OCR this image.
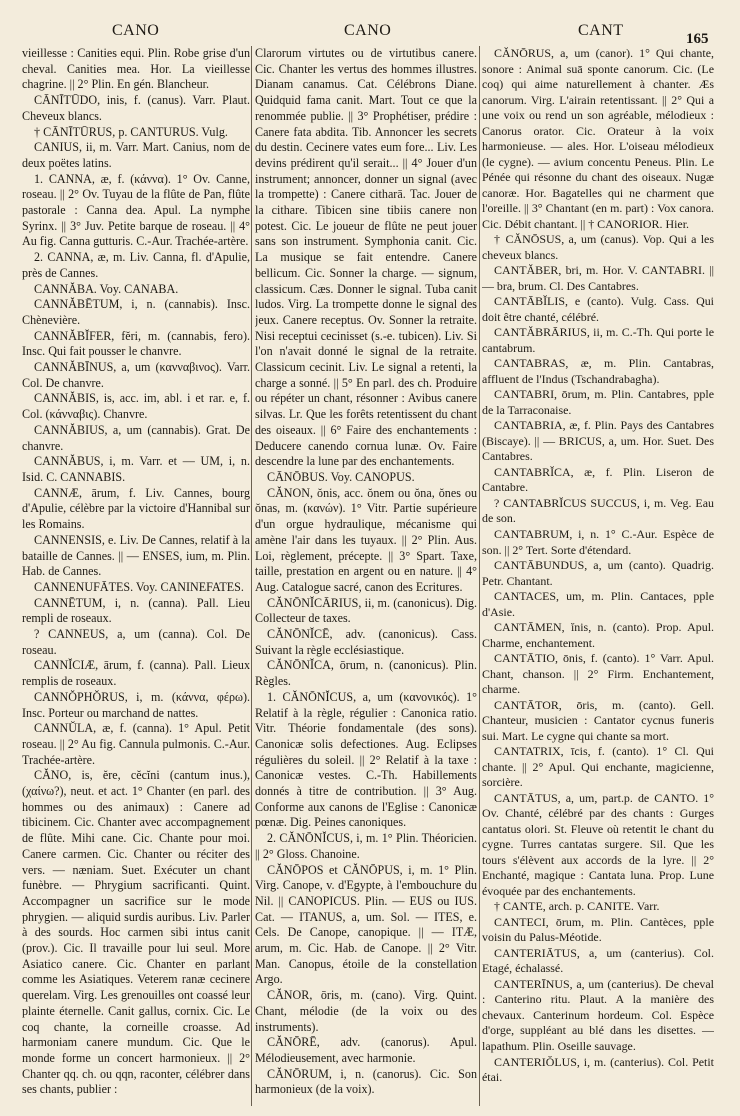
CANO	CANO	CANT	165

vieillesse : Canities equi. Plin. Robe grise d'un cheval. Canities mea. Hor. La vieillesse chagrine. || 2° Plin. En gén. Blancheur.

CĀNĪTŪDO, inis, f. (canus). Varr. Plaut. Cheveux blancs.

† CĀNĪTŪRUS, p. CANTURUS. Vulg.

CANIUS, ii, m. Varr. Mart. Canius, nom de deux poëtes latins.

1. CANNA, æ, f. (κάννα). 1° Ov. Canne, roseau. || 2° Ov. Tuyau de la flûte de Pan, flûte pastorale : Canna dea. Apul. La nymphe Syrinx. || 3° Juv. Petite barque de roseau. || 4° Au fig. Canna gutturis. C.-Aur. Trachée-artère.

2. CANNA, æ, m. Liv. Canna, fl. d'Apulie, près de Cannes.

CANNĂBA. Voy. CANABA.

CANNĂBĒTUM, i, n. (cannabis). Insc. Chènevière.

CANNĂBĬFER, fĕri, m. (cannabis, fero). Insc. Qui fait pousser le chanvre.

CANNĂBĪNUS, a, um (κανναβινος). Varr. Col. De chanvre.

CANNĂBIS, is, acc. im, abl. i et rar. e, f. Col. (κάνναβις). Chanvre.

CANNĂBIUS, a, um (cannabis). Grat. De chanvre.

CANNĂBUS, i, m. Varr. et — UM, i, n. Isid. C. CANNABIS.

CANNÆ, ārum, f. Liv. Cannes, bourg d'Apulie, célèbre par la victoire d'Hannibal sur les Romains.

CANNENSIS, e. Liv. De Cannes, relatif à la bataille de Cannes. || — ENSES, ium, m. Plin. Hab. de Cannes.

CANNENUFĀTES. Voy. CANINEFATES.

CANNĒTUM, i, n. (canna). Pall. Lieu rempli de roseaux.

? CANNEUS, a, um (canna). Col. De roseau.

CANNĬCIÆ, ārum, f. (canna). Pall. Lieux remplis de roseaux.

CANNŎPHŎRUS, i, m. (κάννα, φέρω). Insc. Porteur ou marchand de nattes.

CANNŬLA, æ, f. (canna). 1° Apul. Petit roseau. || 2° Au fig. Cannula pulmonis. C.-Aur. Trachée-artère.

CĂNO, is, ĕre, cĕcĭni (cantum inus.), (χαίνω?), neut. et act. 1° Chanter (en parl. des hommes ou des animaux) : Canere ad tibicinem. Cic. Chanter avec accompagnement de flûte. Mihi cane. Cic. Chante pour moi. Canere carmen. Cic. Chanter ou réciter des vers. — næniam. Suet. Exécuter un chant funèbre. — Phrygium sacrificanti. Quint. Accompagner un sacrifice sur le mode phrygien. — aliquid surdis auribus. Liv. Parler à des sourds. Hoc carmen sibi intus canit (prov.). Cic. Il travaille pour lui seul. More Asiatico canere. Cic. Chanter en parlant comme les Asiatiques. Veterem ranæ cecinere querelam. Virg. Les grenouilles ont coassé leur plainte éternelle. Canit gallus, cornix. Cic. Le coq chante, la corneille croasse. Ad harmoniam canere mundum. Cic. Que le monde forme un concert harmonieux. || 2° Chanter qq. ch. ou qqn, raconter, célébrer dans ses chants, publier :

Clarorum virtutes ou de virtutibus canere. Cic. Chanter les vertus des hommes illustres. Dianam canamus. Cat. Célébrons Diane. Quidquid fama canit. Mart. Tout ce que la renommée publie. || 3° Prophétiser, prédire : Canere fata abdita. Tib. Annoncer les secrets du destin. Cecinere vates eum fore... Liv. Les devins prédirent qu'il serait... || 4° Jouer d'un instrument; annoncer, donner un signal (avec la trompette) : Canere citharā. Tac. Jouer de la cithare. Tibicen sine tibiis canere non potest. Cic. Le joueur de flûte ne peut jouer sans son instrument. Symphonia canit. Cic. La musique se fait entendre. Canere bellicum. Cic. Sonner la charge. — signum, classicum. Cæs. Donner le signal. Tuba canit ludos. Virg. La trompette donne le signal des jeux. Canere receptus. Ov. Sonner la retraite. Nisi receptui cecinisset (s.-e. tubicen). Liv. Si l'on n'avait donné le signal de la retraite. Classicum cecinit. Liv. Le signal a retenti, la charge a sonné. || 5° En parl. des ch. Produire ou répéter un chant, résonner : Avibus canere silvas. Lr. Que les forêts retentissent du chant des oiseaux. || 6° Faire des enchantements : Deducere canendo cornua lunæ. Ov. Faire descendre la lune par des enchantements.

CĀNŌBUS. Voy. CANOPUS.

CĂNON, ŏnis, acc. ŏnem ou ŏna, ŏnes ou ŏnas, m. (κανών). 1° Vitr. Partie supérieure d'un orgue hydraulique, mécanisme qui amène l'air dans les tuyaux. || 2° Plin. Aus. Loi, règlement, précepte. || 3° Spart. Taxe, taille, prestation en argent ou en nature. || 4° Aug. Catalogue sacré, canon des Ecritures.

CĂNŌNĬCĀRIUS, ii, m. (canonicus). Dig. Collecteur de taxes.

CĂNŌNĬCĒ, adv. (canonicus). Cass. Suivant la règle ecclésiastique.

CĂNŌNĬCA, ōrum, n. (canonicus). Plin. Règles.

1. CĂNŌNĬCUS, a, um (κανονικός). 1° Relatif à la règle, régulier : Canonica ratio. Vitr. Théorie fondamentale (des sons). Canonicæ solis defectiones. Aug. Eclipses régulières du soleil. || 2° Relatif à la taxe : Canonicæ vestes. C.-Th. Habillements donnés à titre de contribution. || 3° Aug. Conforme aux canons de l'Eglise : Canonicæ pœnæ. Dig. Peines canoniques.

2. CĂNŌNĬCUS, i, m. 1° Plin. Théoricien. || 2° Gloss. Chanoine.

CĂNŌPOS et CĂNŌPUS, i, m. 1° Plin. Virg. Canope, v. d'Egypte, à l'embouchure du Nil. || CANOPICUS. Plin. — EUS ou IUS. Cat. — ITANUS, a, um. Sol. — ITES, e. Cels. De Canope, canopique. || — ITÆ, arum, m. Cic. Hab. de Canope. || 2° Vitr. Man. Canopus, étoile de la constellation Argo.

CĂNOR, ōris, m. (cano). Virg. Quint. Chant, mélodie (de la voix ou des instruments).

CĂNŌRĒ, adv. (canorus). Apul. Mélodieusement, avec harmonie.

CĂNŌRUM, i, n. (canorus). Cic. Son harmonieux (de la voix).

CĂNŌRUS, a, um (canor). 1° Qui chante, sonore : Animal suā sponte canorum. Cic. (Le coq) qui aime naturellement à chanter. Æs canorum. Virg. L'airain retentissant. || 2° Qui a une voix ou rend un son agréable, mélodieux : Canorus orator. Cic. Orateur à la voix harmonieuse. — ales. Hor. L'oiseau mélodieux (le cygne). — avium concentu Peneus. Plin. Le Pénée qui résonne du chant des oiseaux. Nugæ canoræ. Hor. Bagatelles qui ne charment que l'oreille. || 3° Chantant (en m. part) : Vox canora. Cic. Débit chantant. || † CANORIOR. Hier.

† CĂNŌSUS, a, um (canus). Vop. Qui a les cheveux blancs.

CANTĂBER, bri, m. Hor. V. CANTABRI. || — bra, brum. Cl. Des Cantabres.

CANTĀBĬLIS, e (canto). Vulg. Cass. Qui doit être chanté, célébré.

CANTĂBRĀRIUS, ii, m. C.-Th. Qui porte le cantabrum.

CANTABRAS, æ, m. Plin. Cantabras, affluent de l'Indus (Tschandrabagha).

CANTABRI, ōrum, m. Plin. Cantabres, pple de la Tarraconaise.

CANTABRIA, æ, f. Plin. Pays des Cantabres (Biscaye). || — BRICUS, a, um. Hor. Suet. Des Cantabres.

CANTABRĬCA, æ, f. Plin. Liseron de Cantabre.

? CANTABRĬCUS SUCCUS, i, m. Veg. Eau de son.

CANTABRUM, i, n. 1° C.-Aur. Espèce de son. || 2° Tert. Sorte d'étendard.

CANTĀBUNDUS, a, um (canto). Quadrig. Petr. Chantant.

CANTACES, um, m. Plin. Cantaces, pple d'Asie.

CANTĀMEN, ĭnis, n. (canto). Prop. Apul. Charme, enchantement.

CANTĀTIO, ōnis, f. (canto). 1° Varr. Apul. Chant, chanson. || 2° Firm. Enchantement, charme.

CANTĀTOR, ōris, m. (canto). Gell. Chanteur, musicien : Cantator cycnus funeris sui. Mart. Le cygne qui chante sa mort.

CANTATRIX, īcis, f. (canto). 1° Cl. Qui chante. || 2° Apul. Qui enchante, magicienne, sorcière.

CANTĀTUS, a, um, part.p. de CANTO. 1° Ov. Chanté, célébré par des chants : Gurges cantatus olori. St. Fleuve où retentit le chant du cygne. Turres cantatas surgere. Sil. Que les tours s'élèvent aux accords de la lyre. || 2° Enchanté, magique : Cantata luna. Prop. Lune évoquée par des enchantements.

† CANTE, arch. p. CANITE. Varr.

CANTECI, ōrum, m. Plin. Cantèces, pple voisin du Palus-Méotide.

CANTERIĀTUS, a, um (canterius). Col. Etagé, échalassé.

CANTERĪNUS, a, um (canterius). De cheval : Canterino ritu. Plaut. A la manière des chevaux. Canterinum hordeum. Col. Espèce d'orge, suppléant au blé dans les disettes. — lapathum. Plin. Oseille sauvage.

CANTERIŎLUS, i, m. (canterius). Col. Petit étai.
